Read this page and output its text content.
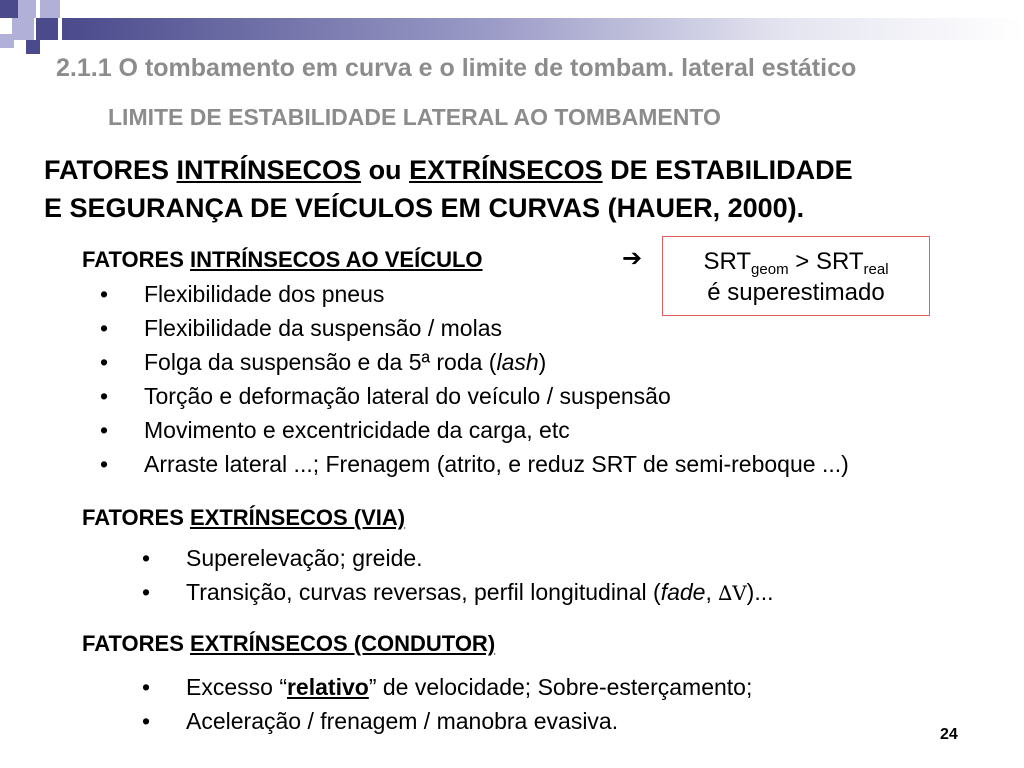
2.1.1 O tombamento em curva e o limite de tombam. lateral estático
LIMITE DE ESTABILIDADE LATERAL AO TOMBAMENTO
FATORES INTRÍNSECOS ou EXTRÍNSECOS DE ESTABILIDADE
E SEGURANÇA DE VEÍCULOS EM CURVAS (HAUER, 2000).
FATORES INTRÍNSECOS AO VEÍCULO	➔	$SRT_{geom} > SRT_{real}$
é superestimado
• Flexibilidade dos pneus
• Flexibilidade da suspensão / molas
• Folga da suspensão e da 5ª roda (lash)
• Torção e deformação lateral do veículo / suspensão
• Movimento e excentricidade da carga, etc
• Arraste lateral ...; Frenagem (atrito, e reduz SRT de semi-reboque ...)
FATORES EXTRÍNSECOS (VIA)
• Superelevação; greide.
• Transição, curvas reversas, perfil longitudinal (fade, ∆V)...
FATORES EXTRÍNSECOS (CONDUTOR)
• Excesso “relativo” de velocidade; Sobre-esterçamento;
• Aceleração / frenagem / manobra evasiva.
24
